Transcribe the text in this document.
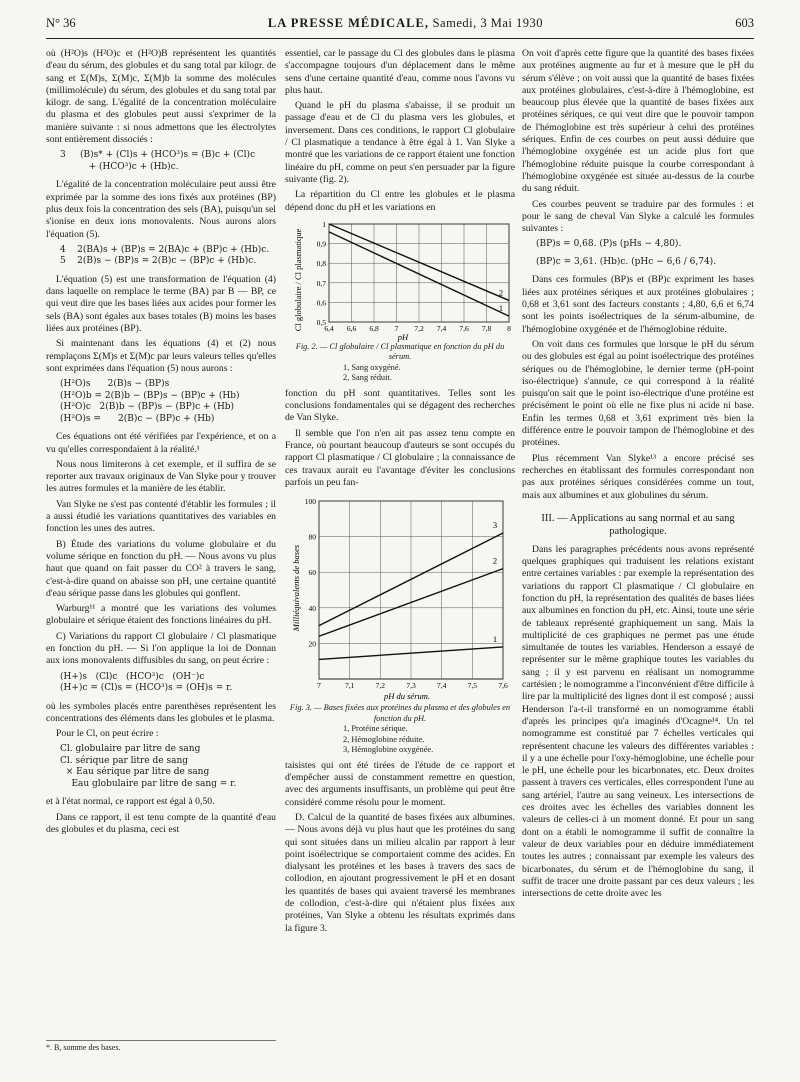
N° 36	LA PRESSE MÉDICALE, Samedi, 3 Mai 1930	603

où (H²O)s (H²O)c et (H²O)B représentent les quantités d'eau du sérum, des globules et du sang total par kilogr. de sang et Σ(M)s, Σ(M)c, Σ(M)b la somme des molécules (millimolécule) du sérum, des globules et du sang total par kilogr. de sang. L'égalité de la concentration moléculaire du plasma et des globules peut aussi s'exprimer de la manière suivante : si nous admettons que les électrolytes sont entièrement dissociés :

3     (B)s* + (Cl)s + (HCO³)s = (B)c + (Cl)c
+ (HCO³)c + (Hb)c.

L'égalité de la concentration moléculaire peut aussi être exprimée par la somme des ions fixés aux protéines (BP) plus deux fois la concentration des sels (BA), puisqu'un sel s'ionise en deux ions monovalents. Nous aurons alors l'équation (5).

4    2(BA)s + (BP)s = 2(BA)c + (BP)c + (Hb)c.
5    2(B)s − (BP)s = 2(B)c − (BP)c + (Hb)c.

L'équation (5) est une transformation de l'équation (4) dans laquelle on remplace le terme (BA) par B — BP, ce qui veut dire que les bases liées aux acides pour former les sels (BA) sont égales aux bases totales (B) moins les bases liées aux protéines (BP).

Si maintenant dans les équations (4) et (2) nous remplaçons Σ(M)s et Σ(M)c par leurs valeurs telles qu'elles sont exprimées dans l'équation (5) nous aurons :

(H²O)s      2(B)s − (BP)s
(H²O)b = 2(B)b − (BP)s − (BP)c + (Hb)
(H²O)c   2(B)b − (BP)s − (BP)c + (Hb)
(H²O)s =      2(B)c − (BP)c + (Hb)

Ces équations ont été vérifiées par l'expérience, et on a vu qu'elles correspondaient à la réalité.¹

Nous nous limiterons à cet exemple, et il suffira de se reporter aux travaux originaux de Van Slyke pour y trouver les autres formules et la manière de les établir.

Van Slyke ne s'est pas contenté d'établir les formules ; il a aussi étudié les variations quantitatives des variables en fonction les unes des autres.

B) Étude des variations du volume globulaire et du volume sérique en fonction du pH. — Nous avons vu plus haut que quand on fait passer du CO² à travers le sang, c'est-à-dire quand on abaisse son pH, une certaine quantité d'eau sérique passe dans les globules qui gonflent.

Warburg¹¹ a montré que les variations des volumes globulaire et sérique étaient des fonctions linéaires du pH.

C) Variations du rapport Cl globulaire / Cl plasmatique en fonction du pH. — Si l'on applique la loi de Donnan aux ions monovalents diffusibles du sang, on peut écrire :

(H+)s   (Cl)c   (HCO³)c   (OH⁻)c
(H+)c = (Cl)s = (HCO³)s = (OH)s = r.

où les symboles placés entre parenthèses représentent les concentrations des éléments dans les globules et le plasma.

Pour le Cl, on peut écrire :

Cl. globulaire par litre de sang
Cl. sérique par litre de sang
× Eau sérique par litre de sang
Eau globulaire par litre de sang = r.

et à l'état normal, ce rapport est égal à 0,50.

Dans ce rapport, il est tenu compte de la quantité d'eau des globules et du plasma, ceci est

*. B, somme des bases.

essentiel, car le passage du Cl des globules dans le plasma s'accompagne toujours d'un déplacement dans le même sens d'une certaine quantité d'eau, comme nous l'avons vu plus haut.

Quand le pH du plasma s'abaisse, il se produit un passage d'eau et de Cl du plasma vers les globules, et inversement. Dans ces conditions, le rapport Cl globulaire / Cl plasmatique a tendance à être égal à 1. Van Slyke a montré que les variations de ce rapport étaient une fonction linéaire du pH, comme on peut s'en persuader par la figure suivante (fig. 2).

La répartition du Cl entre les globules et le plasma dépend donc du pH et les variations en

Cl globulaire / Cl plasmatique
pH
6,4 6,6 6,8 7 7,2 7,4 7,6 7,8 8
0,5
0,6
0,7
0,8
0,9
1
1
2
Fig. 2. — Cl globulaire / Cl plasmatique en fonction du pH du sérum.
1, Sang oxygéné.
2, Sang réduit.

fonction du pH sont quantitatives. Telles sont les conclusions fondamentales qui se dégagent des recherches de Van Slyke.

Il semble que l'on n'en ait pas assez tenu compte en France, où pourtant beaucoup d'auteurs se sont occupés du rapport Cl plasmatique / Cl globulaire ; la connaissance de ces travaux aurait eu l'avantage d'éviter les conclusions parfois un peu fan-

Milliéquivalents de bases
pH du sérum.
7	7,1	7,2	7,3	7,4	7,5	7,6
20
40
60
80
100
1
2
3
Fig. 3. — Bases fixées aux protéines du plasma et des globules en fonction du pH.
1, Protéine sérique.
2, Hémoglobine réduite.
3, Hémoglobine oxygénée.

taisistes qui ont été tirées de l'étude de ce rapport et d'empêcher aussi de constamment remettre en question, avec des arguments insuffisants, un problème qui peut être considéré comme résolu pour le moment.

D. Calcul de la quantité de bases fixées aux albumines. — Nous avons déjà vu plus haut que les protéines du sang qui sont situées dans un milieu alcalin par rapport à leur point isoélectrique se comportaient comme des acides. En dialysant les protéines et les bases à travers des sacs de collodion, en ajoutant progressivement le pH et en dosant les quantités de bases qui avaient traversé les membranes de collodion, c'est-à-dire qui n'étaient plus fixées aux protéines, Van Slyke a obtenu les résultats exprimés dans la figure 3.

On voit d'après cette figure que la quantité des bases fixées aux protéines augmente au fur et à mesure que le pH du sérum s'élève ; on voit aussi que la quantité de bases fixées aux protéines globulaires, c'est-à-dire à l'hémoglobine, est beaucoup plus élevée que la quantité de bases fixées aux protéines sériques, ce qui veut dire que le pouvoir tampon de l'hémoglobine est très supérieur à celui des protéines sériques. Enfin de ces courbes on peut aussi déduire que l'hémoglobine oxygénée est un acide plus fort que l'hémoglobine réduite puisque la courbe correspondant à l'hémoglobine oxygénée est située au-dessus de la courbe du sang réduit.

Ces courbes peuvent se traduire par des formules : et pour le sang de cheval Van Slyke a calculé les formules suivantes :

(BP)s = 0,68. (P)s (pHs − 4,80).
(BP)c = 3,61. (Hb)c. (pHc − 6,6 / 6,74).

Dans ces formules (BP)s et (BP)c expriment les bases liées aux protéines sériques et aux protéines globulaires ; 0,68 et 3,61 sont des facteurs constants ; 4,80, 6,6 et 6,74 sont les points isoélectriques de la sérum-albumine, de l'hémoglobine oxygénée et de l'hémoglobine réduite.

On voit dans ces formules que lorsque le pH du sérum ou des globules est égal au point isoélectrique des protéines sériques ou de l'hémoglobine, le dernier terme (pH-point iso-électrique) s'annule, ce qui correspond à la réalité puisqu'on sait que le point iso-électrique d'une protéine est précisément le point où elle ne fixe plus ni acide ni base. Enfin les termes 0,68 et 3,61 expriment très bien la différence entre le pouvoir tampon de l'hémoglobine et des protéines.

Plus récemment Van Slyke¹³ a encore précisé ses recherches en établissant des formules correspondant non pas aux protéines sériques considérées comme un tout, mais aux albumines et aux globulines du sérum.

III. — Applications au sang normal et au sang pathologique.

Dans les paragraphes précédents nous avons représenté quelques graphiques qui traduisent les relations existant entre certaines variables : par exemple la représentation des variations du rapport Cl plasmatique / Cl globulaire en fonction du pH, la représentation des qualités de bases liées aux albumines en fonction du pH, etc. Ainsi, toute une série de tableaux représenté graphiquement un sang. Mais la multiplicité de ces graphiques ne permet pas une étude simultanée de toutes les variables. Henderson a essayé de représenter sur le même graphique toutes les variables du sang ; il y est parvenu en réalisant un nomogramme cartésien ; le nomogramme a l'inconvénient d'être difficile à lire par la multiplicité des lignes dont il est composé ; aussi Henderson l'a-t-il transformé en un nomogramme établi d'après les principes qu'a imaginés d'Ocagne¹⁴. Un tel nomogramme est constitué par 7 échelles verticales qui représentent chacune les valeurs des différentes variables : il y a une échelle pour l'oxy-hémoglobine, une échelle pour le pH, une échelle pour les bicarbonates, etc. Deux droites passent à travers ces verticales, elles correspondent l'une au sang artériel, l'autre au sang veineux. Les intersections de ces droites avec les échelles des variables donnent les valeurs de celles-ci à un moment donné. Et pour un sang dont on a établi le nomogramme il suffit de connaître la valeur de deux variables pour en déduire immédiatement toutes les autres ; connaissant par exemple les valeurs des bicarbonates, du sérum et de l'hémoglobine du sang, il suffit de tracer une droite passant par ces deux valeurs ; les intersections de cette droite avec les
